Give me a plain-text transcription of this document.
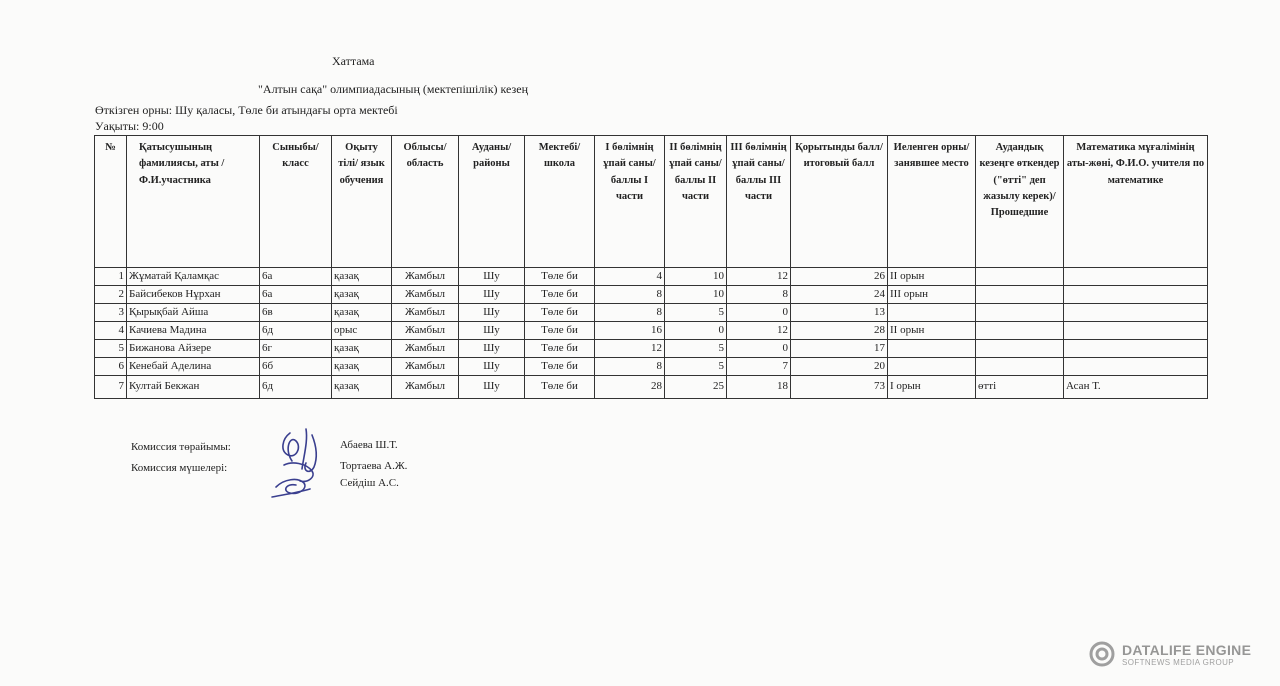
Хаттама
"Алтын сақа" олимпиадасының (мектепішілік) кезең
Өткізген орны: Шу қаласы, Төле би атындағы орта мектебі
Уақыты: 9:00
№	Қатысушының фамилиясы, аты /Ф.И.участника	Сыныбы/ класс	Оқыту тілі/ язык обучения	Облысы/ область	Ауданы/ районы	Мектебі/ школа	I бөлімнің ұпай саны/ баллы I части	II бөлімнің ұпай саны/ баллы II части	III бөлімнің ұпай саны/ баллы III части	Қорытынды балл/ итоговый балл	Иеленген орны/ занявшее место	Аудандық кезеңге өткендер ("өтті" деп жазылу керек)/ Прошедшие	Математика мұғалімінің аты-жөні, Ф.И.О. учителя по математике
1	Жұматай Қаламқас	6а	қазақ	Жамбыл	Шу	Төле би	4	10	12	26	II орын		
2	Байсибеков Нұрхан	6а	қазақ	Жамбыл	Шу	Төле би	8	10	8	24	III орын		
3	Қырықбай Айша	6в	қазақ	Жамбыл	Шу	Төле би	8	5	0	13			
4	Качиева Мадина	6д	орыс	Жамбыл	Шу	Төле би	16	0	12	28	II орын		
5	Бижанова Айзере	6г	қазақ	Жамбыл	Шу	Төле би	12	5	0	17			
6	Кенебай Аделина	6б	қазақ	Жамбыл	Шу	Төле би	8	5	7	20			
7	Култай Бекжан	6д	қазақ	Жамбыл	Шу	Төле би	28	25	18	73	I орын	өтті	Асан Т.
Комиссия төрайымы:
Комиссия мүшелері:
Абаева Ш.Т.
Тортаева А.Ж.
Сейдіш А.С.
DATALIFE ENGINE
SOFTNEWS MEDIA GROUP
